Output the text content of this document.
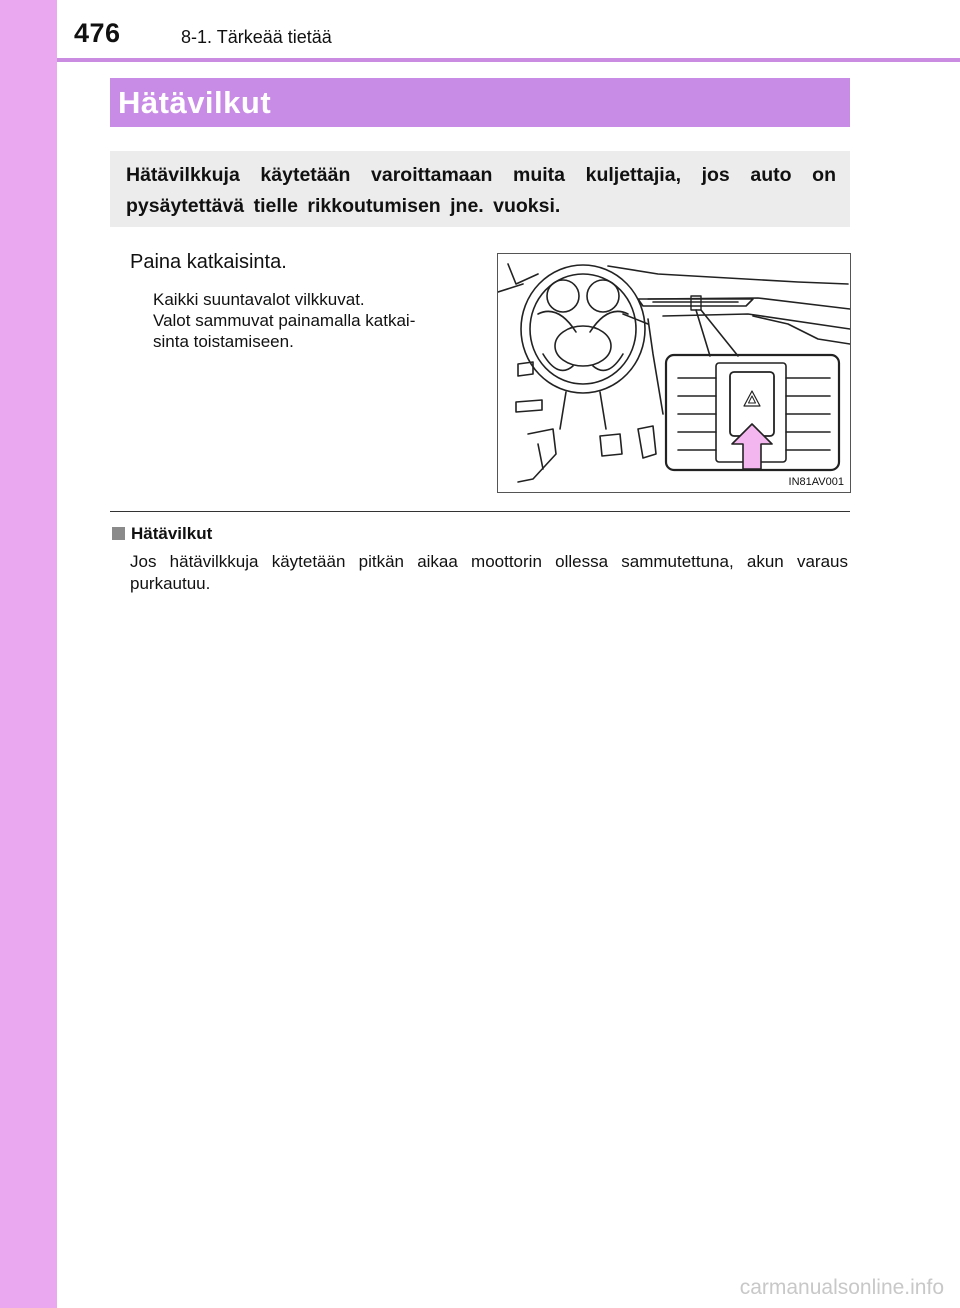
476	8-1. Tärkeää tietää
Hätävilkut

Hätävilkkuja käytetään varoittamaan muita kuljettajia, jos auto on pysäytettävä tielle rikkoutumisen jne. vuoksi.

Paina katkaisinta.
Kaikki suuntavalot vilkkuvat.
Valot sammuvat painamalla katkai-
sinta toistamiseen.
IN81AV001
Hätävilkut
Jos hätävilkkuja käytetään pitkän aikaa moottorin ollessa sammutettuna, akun varaus purkautuu.
carmanualsonline.info
